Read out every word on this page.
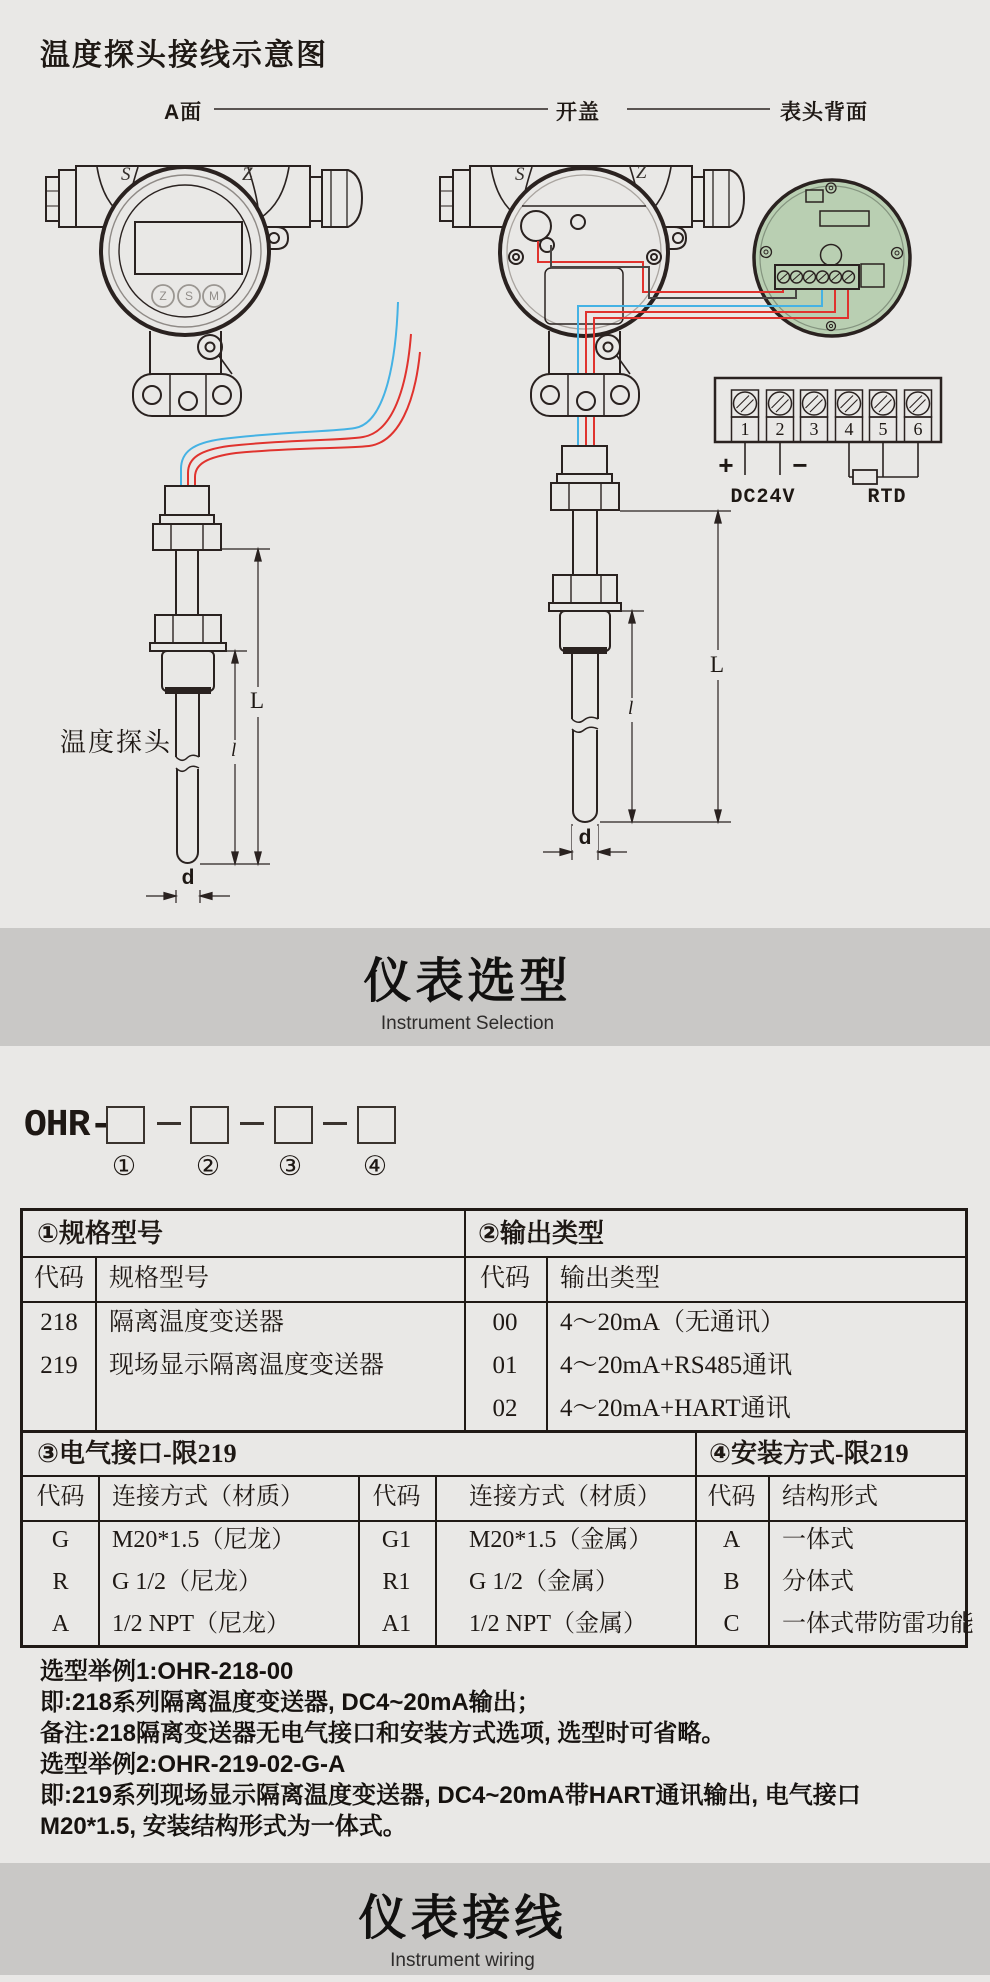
温度探头接线示意图
A面	开盖	表头背面
S	Z	S	Z
Z	S	M
温度探头
L
L
l
l
d
d
1	2	3	4	5	6
+ −
DC24V	RTD
仪表选型
Instrument Selection
OHR-
① ② ③ ④
①规格型号	②输出类型
代码	规格型号	代码	输出类型
218	隔离温度变送器
219	现场显示隔离温度变送器
00	4～20mA（无通讯）
01	4～20mA+RS485通讯
02	4～20mA+HART通讯
③电气接口-限219	④安装方式-限219
代码	连接方式（材质）	代码	连接方式（材质）	代码	结构形式
G	M20*1.5（尼龙）	G1	M20*1.5（金属）	A	一体式
R	G 1/2（尼龙）	R1	G 1/2（金属）	B	分体式
A	1/2 NPT（尼龙）	A1	1/2 NPT（金属）	C	一体式带防雷功能
选型举例1:OHR-218-00
即:218系列隔离温度变送器, DC4~20mA输出；
备注:218隔离变送器无电气接口和安装方式选项, 选型时可省略。
选型举例2:OHR-219-02-G-A
即:219系列现场显示隔离温度变送器, DC4~20mA带HART通讯输出, 电气接口
M20*1.5, 安装结构形式为一体式。
仪表接线
Instrument wiring
